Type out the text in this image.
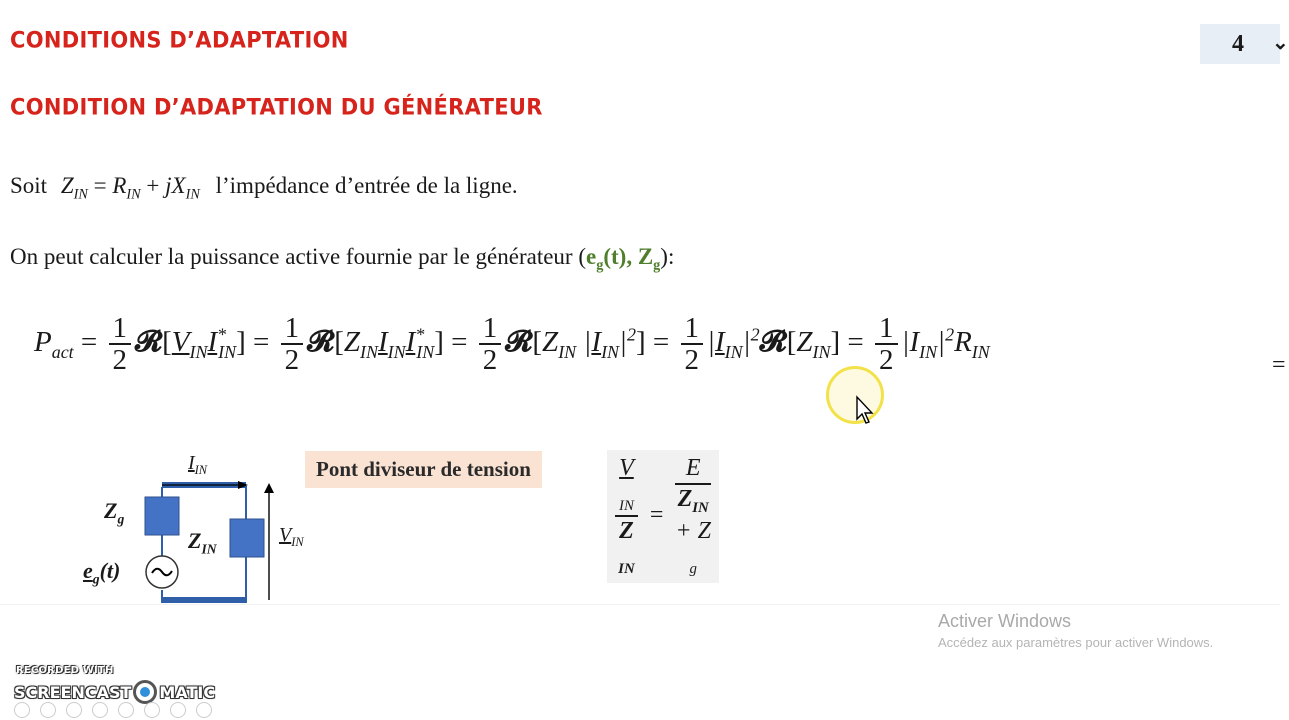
CONDITIONS D’ADAPTATION
CONDITION D’ADAPTATION DU GÉNÉRATEUR
4 ⌄
Soit $Z_{IN} = R_{IN} + jX_{IN}$ l’impédance d’entrée de la ligne.
On peut calculer la puissance active fournie par le générateur ($e_g(t)$, $Z_g$):
$P_{act} = \frac{1}{2}$ $𝓡[V_{IN}I^*_{IN}] = \frac{1}{2}$ $𝓡[Z_{IN}I_{IN}I^*_{IN}] = \frac{1}{2}$ $𝓡[Z_{IN}$ $|I_{IN}|^2] = \frac{1}{2}$ $|I_{IN}|^2𝓡[Z_{IN}] = \frac{1}{2} |I_{IN}|^2R_{IN}$
=
$I_{IN}$
$Z_g$
$Z_{IN}$
$V_{IN}$
$e_g(t)$
Pont diviseur de tension	V
$_{IN}$
Z
$_{IN}$
=
E
$Z_{IN}$
+ Z
$_g$
Activer Windows
Accédez aux paramètres pour activer Windows.
RECORDED WITH
SCREENCAST MATIC
